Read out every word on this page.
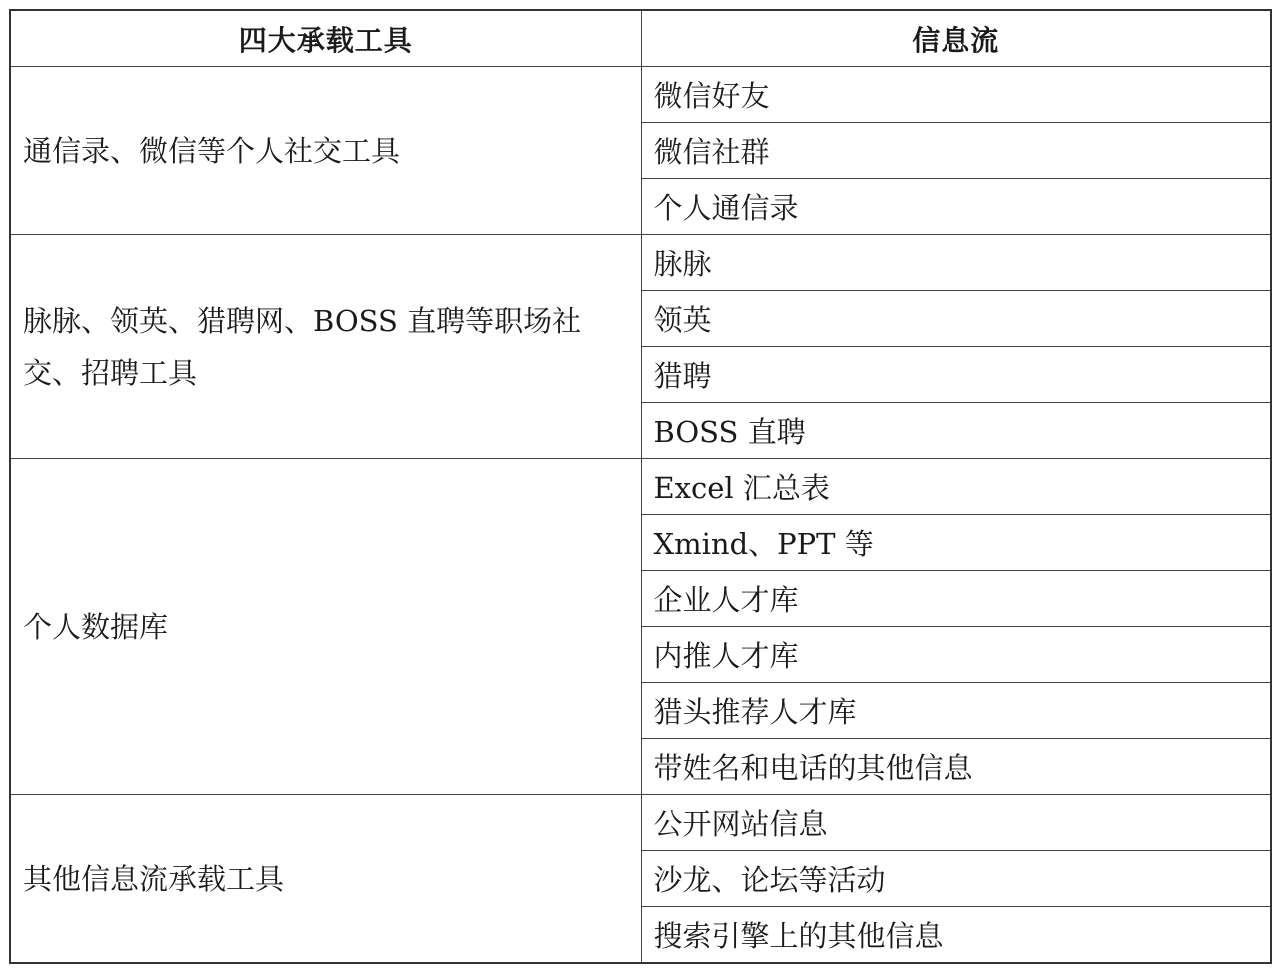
四大承载工具	信息流
通信录、微信等个人社交工具	微信好友
	微信社群
	个人通信录
脉脉、领英、猎聘网、BOSS 直聘等职场社交、招聘工具	脉脉
	领英
	猎聘
	BOSS 直聘
个人数据库	Excel 汇总表
	Xmind、PPT 等
	企业人才库
	内推人才库
	猎头推荐人才库
	带姓名和电话的其他信息
其他信息流承载工具	公开网站信息
	沙龙、论坛等活动
	搜索引擎上的其他信息
